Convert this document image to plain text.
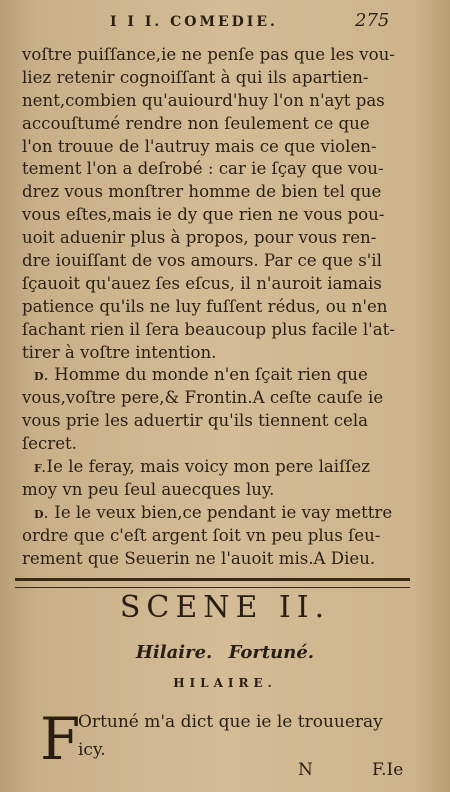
I I I. COMEDIE.	275
voſtre puiſſance,ie ne penſe pas que les vou-
liez retenir cognoiſſant à qui ils apartien-
nent,combien qu'auiourd'huy l'on n'ayt pas
accouſtumé rendre non ſeulement ce que
l'on trouue de l'autruy mais ce que violen-
tement l'on a deſrobé : car ie ſçay que vou-
drez vous monſtrer homme de bien tel que
vous eſtes,mais ie dy que rien ne vous pou-
uoit aduenir plus à propos, pour vous ren-
dre iouiſſant de vos amours. Par ce que s'il
ſçauoit qu'auez ſes eſcus, il n'auroit iamais
patience qu'ils ne luy fuſſent rédus, ou n'en
ſachant rien il ſera beaucoup plus facile l'at-
tirer à voſtre intention.
D. Homme du monde n'en ſçait rien que
vous,voſtre pere,& Frontin.A ceſte cauſe ie
vous prie les aduertir qu'ils tiennent cela
ſecret.
F.Ie le feray, mais voicy mon pere laiſſez
moy vn peu ſeul auecques luy.
D. Ie le veux bien,ce pendant ie vay mettre
ordre que c'eſt argent ſoit vn peu plus ſeu-
rement que Seuerin ne l'auoit mis.A Dieu.
SCENE II.
Hilaire. Fortuné.
HILAIRE.
F
Ortuné m'a dict que ie le trouueray
icy.
N	F.Ie
